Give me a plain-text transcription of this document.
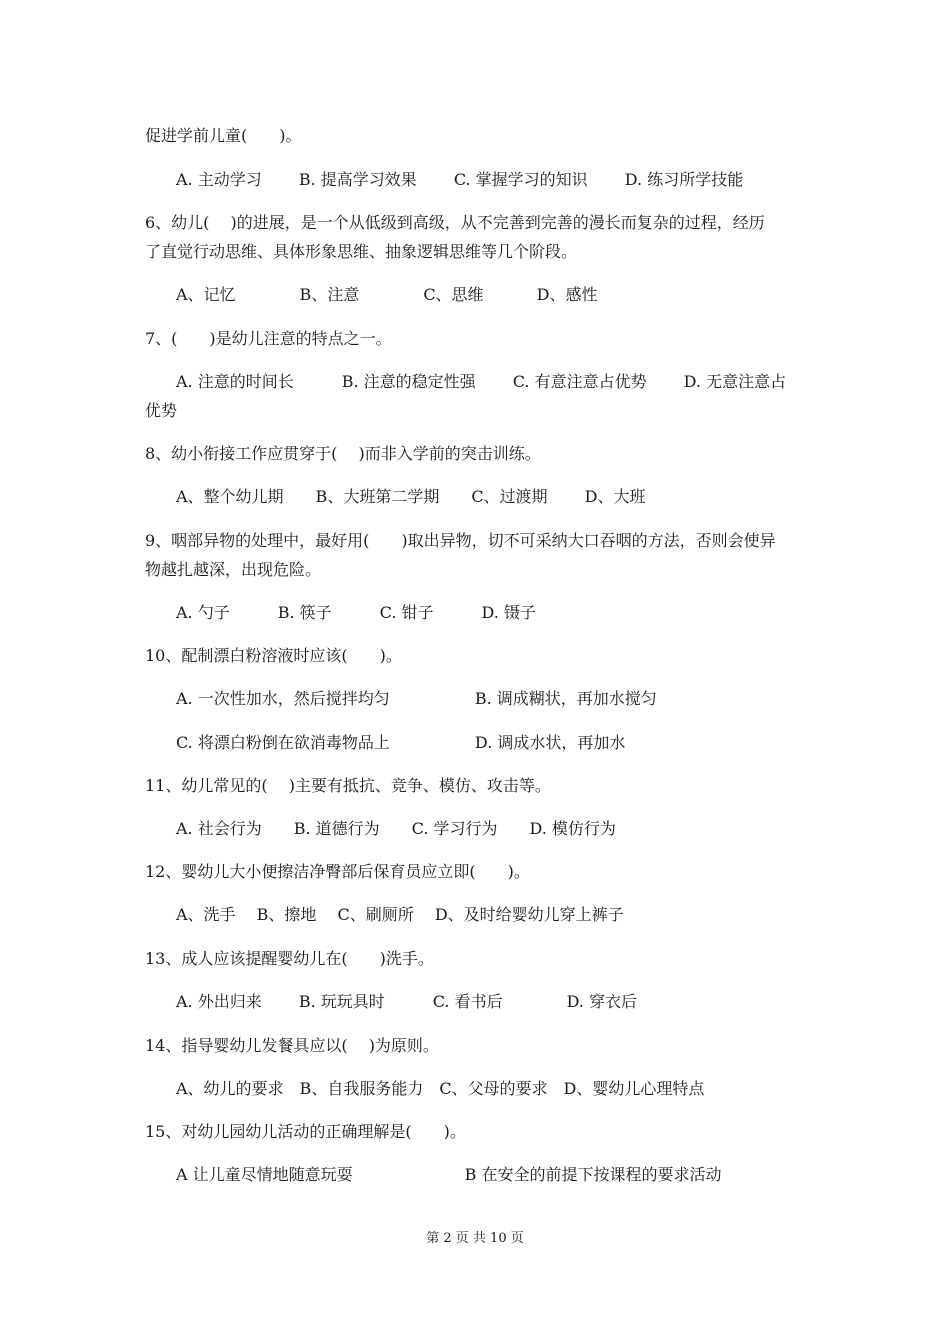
促进学前儿童(　　)。
A. 主动学习　　 B. 提高学习效果　　 C. 掌握学习的知识　　 D. 练习所学技能
6、幼儿(　 )的进展，是一个从低级到高级，从不完善到完善的漫长而复杂的过程，经历
了直觉行动思维、具体形象思维、抽象逻辑思维等几个阶段。
A、记忆　　　　B、注意　　　　C、思维　　　 D、感性
7、(　　)是幼儿注意的特点之一。
A. 注意的时间长　　　B. 注意的稳定性强　　 C. 有意注意占优势　　 D. 无意注意占
优势
8、幼小衔接工作应贯穿于(　 )而非入学前的突击训练。
A、整个幼儿期　　B、大班第二学期　　C、过渡期　　 D、大班
9、咽部异物的处理中，最好用(　　)取出异物，切不可采纳大口吞咽的方法，否则会使异
物越扎越深，出现危险。
A. 勺子　　　B. 筷子　　　C. 钳子　　　D. 镊子
10、配制漂白粉溶液时应该(　　)。
A. 一次性加水，然后搅拌均匀　　　　　 B. 调成糊状，再加水搅匀
C. 将漂白粉倒在欲消毒物品上　　　　　 D. 调成水状，再加水
11、幼儿常见的(　 )主要有抵抗、竞争、模仿、攻击等。
A. 社会行为　　B. 道德行为　　C. 学习行为　　D. 模仿行为
12、婴幼儿大小便擦洁净臀部后保育员应立即(　　)。
A、洗手　 B、擦地　 C、刷厕所　 D、及时给婴幼儿穿上裤子
13、成人应该提醒婴幼儿在(　　)洗手。
A. 外出归来　　 B. 玩玩具时　　　C. 看书后　　　　D. 穿衣后
14、指导婴幼儿发餐具应以(　 )为原则。
A、幼儿的要求　B、自我服务能力　C、父母的要求　D、婴幼儿心理特点
15、对幼儿园幼儿活动的正确理解是(　　)。
A 让儿童尽情地随意玩耍　　　　　　　B 在安全的前提下按课程的要求活动
第 2 页 共 10 页
